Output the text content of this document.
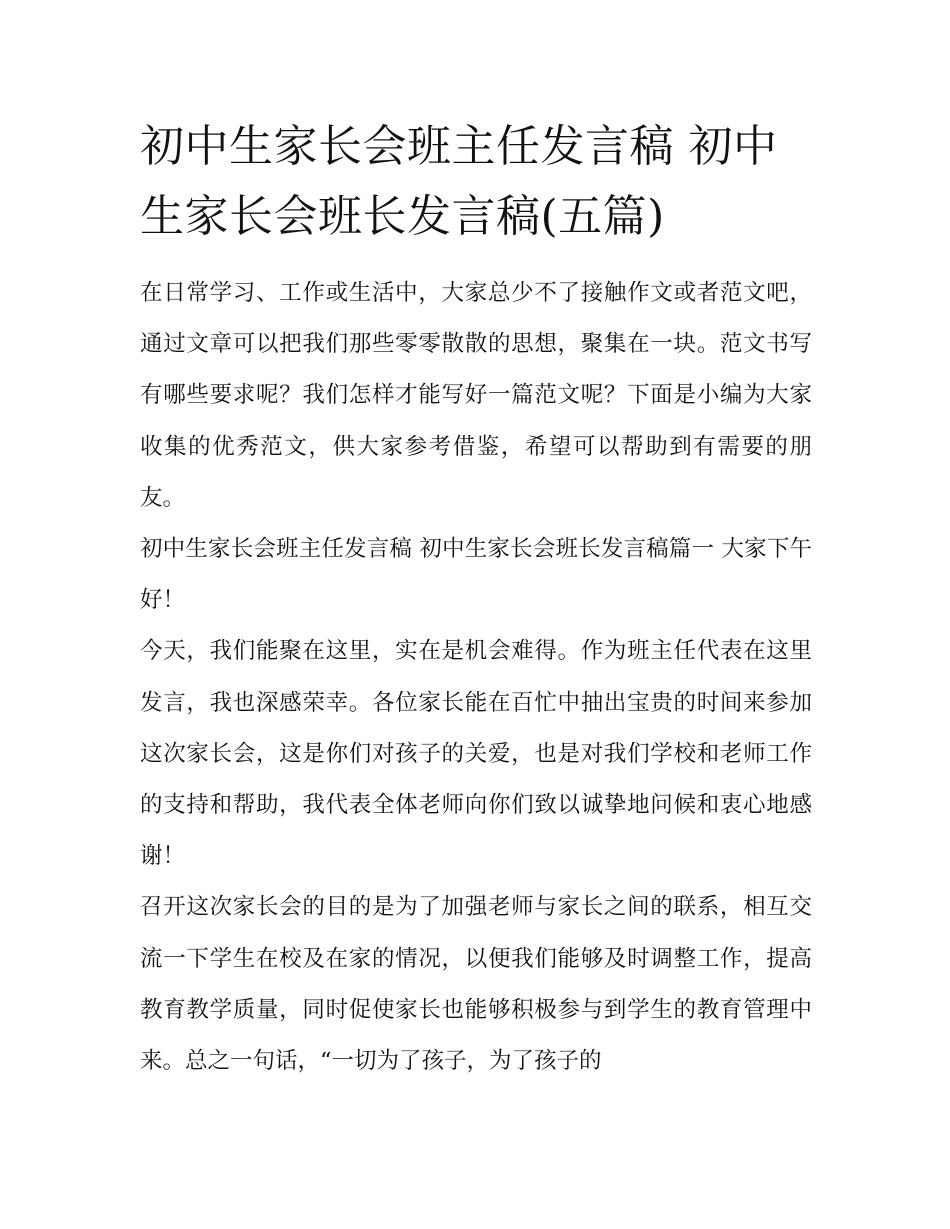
初中生家长会班主任发言稿 初中生家长会班长发言稿(五篇)

在日常学习、工作或生活中，大家总少不了接触作文或者范文吧，通过文章可以把我们那些零零散散的思想，聚集在一块。范文书写有哪些要求呢？我们怎样才能写好一篇范文呢？下面是小编为大家收集的优秀范文，供大家参考借鉴，希望可以帮助到有需要的朋友。

初中生家长会班主任发言稿 初中生家长会班长发言稿篇一 大家下午好！

今天，我们能聚在这里，实在是机会难得。作为班主任代表在这里发言，我也深感荣幸。各位家长能在百忙中抽出宝贵的时间来参加这次家长会，这是你们对孩子的关爱，也是对我们学校和老师工作的支持和帮助，我代表全体老师向你们致以诚挚地问候和衷心地感谢！

召开这次家长会的目的是为了加强老师与家长之间的联系，相互交流一下学生在校及在家的情况，以便我们能够及时调整工作，提高教育教学质量，同时促使家长也能够积极参与到学生的教育管理中来。总之一句话，“一切为了孩子，为了孩子的
